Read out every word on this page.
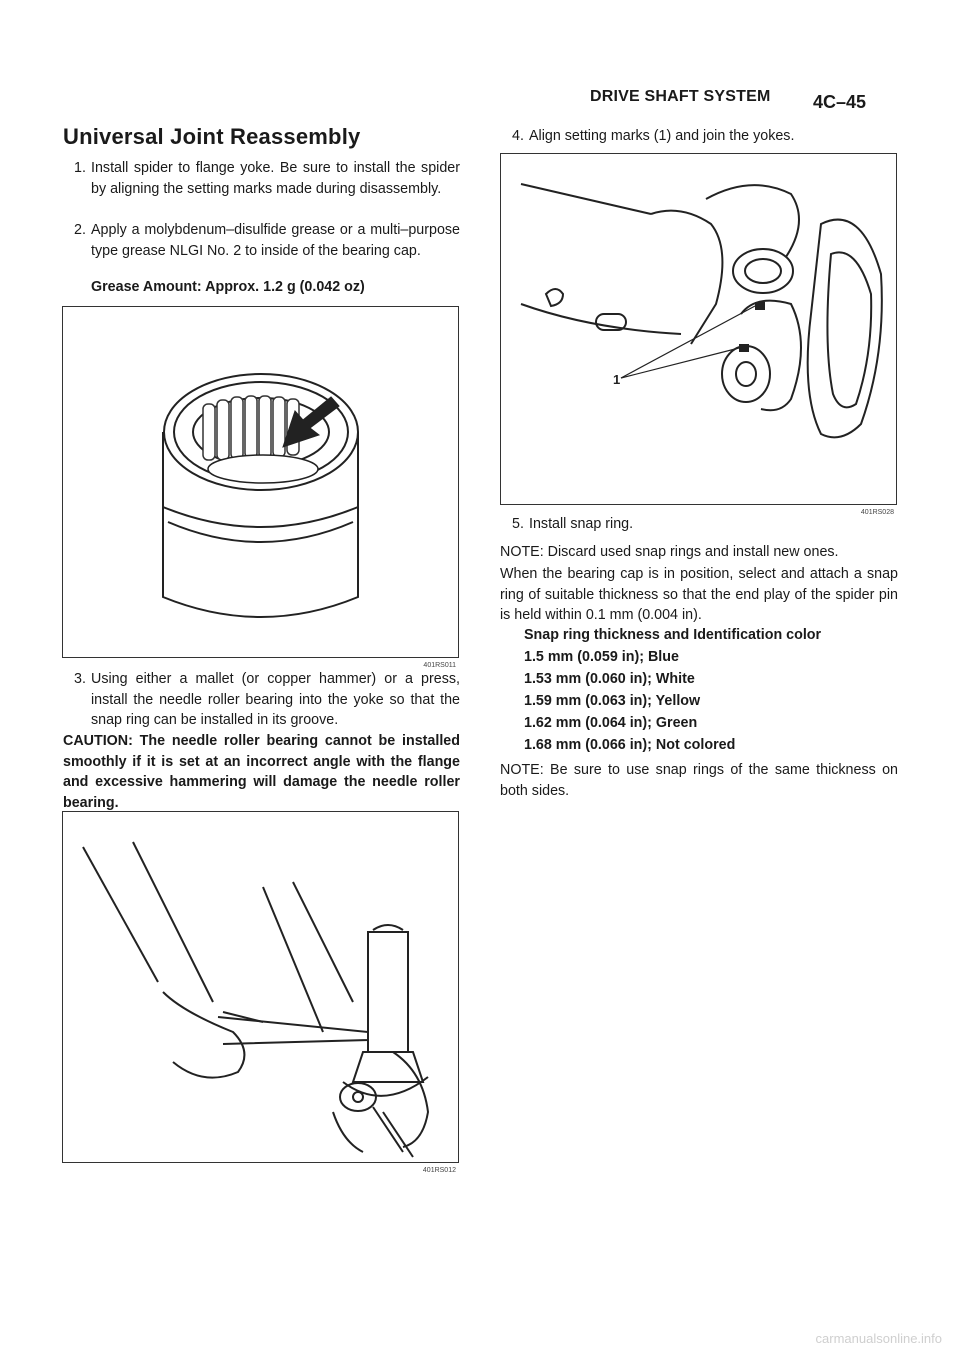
DRIVE SHAFT SYSTEM 4C–45
Universal Joint Reassembly
1. Install spider to flange yoke. Be sure to install the spider by aligning the setting marks made during disassembly.
2. Apply a molybdenum–disulfide grease or a multi–purpose type grease NLGI No. 2 to inside of the bearing cap.
Grease Amount: Approx. 1.2 g (0.042 oz)
401RS011
3. Using either a mallet (or copper hammer) or a press, install the needle roller bearing into the yoke so that the snap ring can be installed in its groove.
CAUTION: The needle roller bearing cannot be installed smoothly if it is set at an incorrect angle with the flange and excessive hammering will damage the needle roller bearing.
401RS012
4. Align setting marks (1) and join the yokes.
1
401RS028
5. Install snap ring.
NOTE: Discard used snap rings and install new ones.
When the bearing cap is in position, select and attach a snap ring of suitable thickness so that the end play of the spider pin is held within 0.1 mm (0.004 in).
Snap ring thickness and Identification color
1.5 mm (0.059 in); Blue
1.53 mm (0.060 in); White
1.59 mm (0.063 in); Yellow
1.62 mm (0.064 in); Green
1.68 mm (0.066 in); Not colored
NOTE: Be sure to use snap rings of the same thickness on both sides.
carmanualsonline.info
